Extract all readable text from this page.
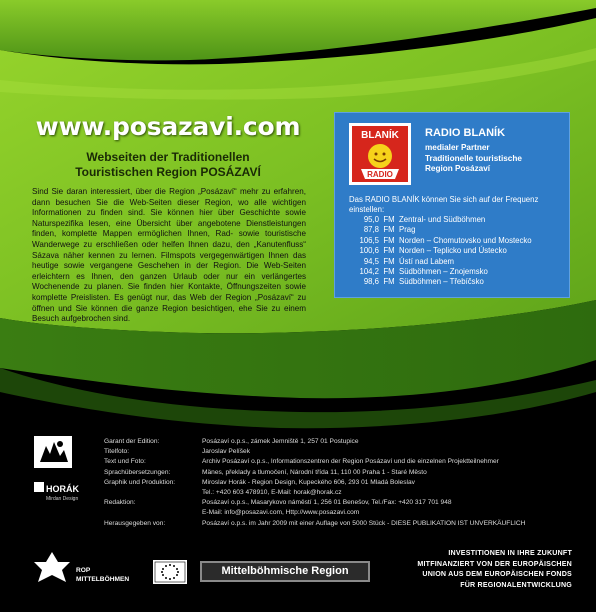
www.posazavi.com
Webseiten der Traditionellen
Touristischen Region POSÁZAVÍ
Sind Sie daran interessiert, über die Region „Posázaví“ mehr zu erfahren, dann besuchen Sie die Web-Seiten dieser Region, wo alle wichtigen Informationen zu finden sind. Sie können hier über Geschichte sowie Naturspezifika lesen, eine Übersicht über angebotene Dienstleistungen finden, komplette Mappen ermöglichen Ihnen, Rad- sowie touristische Wanderwege zu erschließen oder helfen Ihnen dazu, den „Kanutenfluss“ Sázava näher kennen zu lernen. Filmspots vergegenwärtigen Ihnen das heutige sowie vergangene Geschehen in der Region. Die Web-Seiten erleichtern es Ihnen, den ganzen Urlaub oder nur ein verlängertes Wochenende zu planen. Sie finden hier Kontakte, Öffnungszeiten sowie komplette Preislisten. Es genügt nur, das Web der Region „Posázaví“ zu öffnen und Sie können die ganze Region besichtigen, ehe Sie zu einem Besuch aufgebrochen sind.
BLANÍK
RADIO
RADIO BLANÍK
medialer Partner
Traditionelle touristische
Region Posázaví
Das RADIO BLANÍK können Sie sich auf der Frequenz einstellen:
95,0 FM Zentral- und Südböhmen
87,8 FM Prag
106,5 FM Norden – Chomutovsko und Mostecko
100,6 FM Norden – Teplicko und Ústecko
94,5 FM Ústí nad Labem
104,2 FM Südböhmen – Znojemsko
98,6 FM Südböhmen – Třebíčsko
HORÁK
Mirdan Design
Garant der Edition:
Titelfoto:
Text und Foto:
Sprachübersetzungen:
Graphik und Produktion:
Redaktion:
Herausgegeben von:
Posázaví o.p.s., zámek Jemniště 1, 257 01 Postupice
Jaroslav Pelíšek
Archiv Posázaví o.p.s., Informationszentren der Region Posázaví und die einzelnen Projektteilnehmer
Mänes, překlady a tlumočení, Národní třída 11, 110 00 Praha 1 - Staré Město
Miroslav Horák - Region Design, Kupeckého 606, 293 01 Mladá Boleslav
Tel.: +420 603 478910, E-Mail: horak@horak.cz
Posázaví o.p.s., Masarykovo náměstí 1, 256 01 Benešov, Tel./Fax: +420 317 701 948
E-Mail: info@posazavi.com, Http://www.posazavi.com
Posázaví o.p.s. im Jahr 2009 mit einer Auflage von 5000 Stück - DIESE PUBLIKATION IST UNVERKÄUFLICH
ROP
MITTELBÖHMEN
Mittelböhmische Region
INVESTITIONEN IN IHRE ZUKUNFT
MITFINANZIERT VON DER EUROPÄISCHEN
UNION AUS DEM EUROPÄISCHEN FONDS
FÜR REGIONALENTWICKLUNG
